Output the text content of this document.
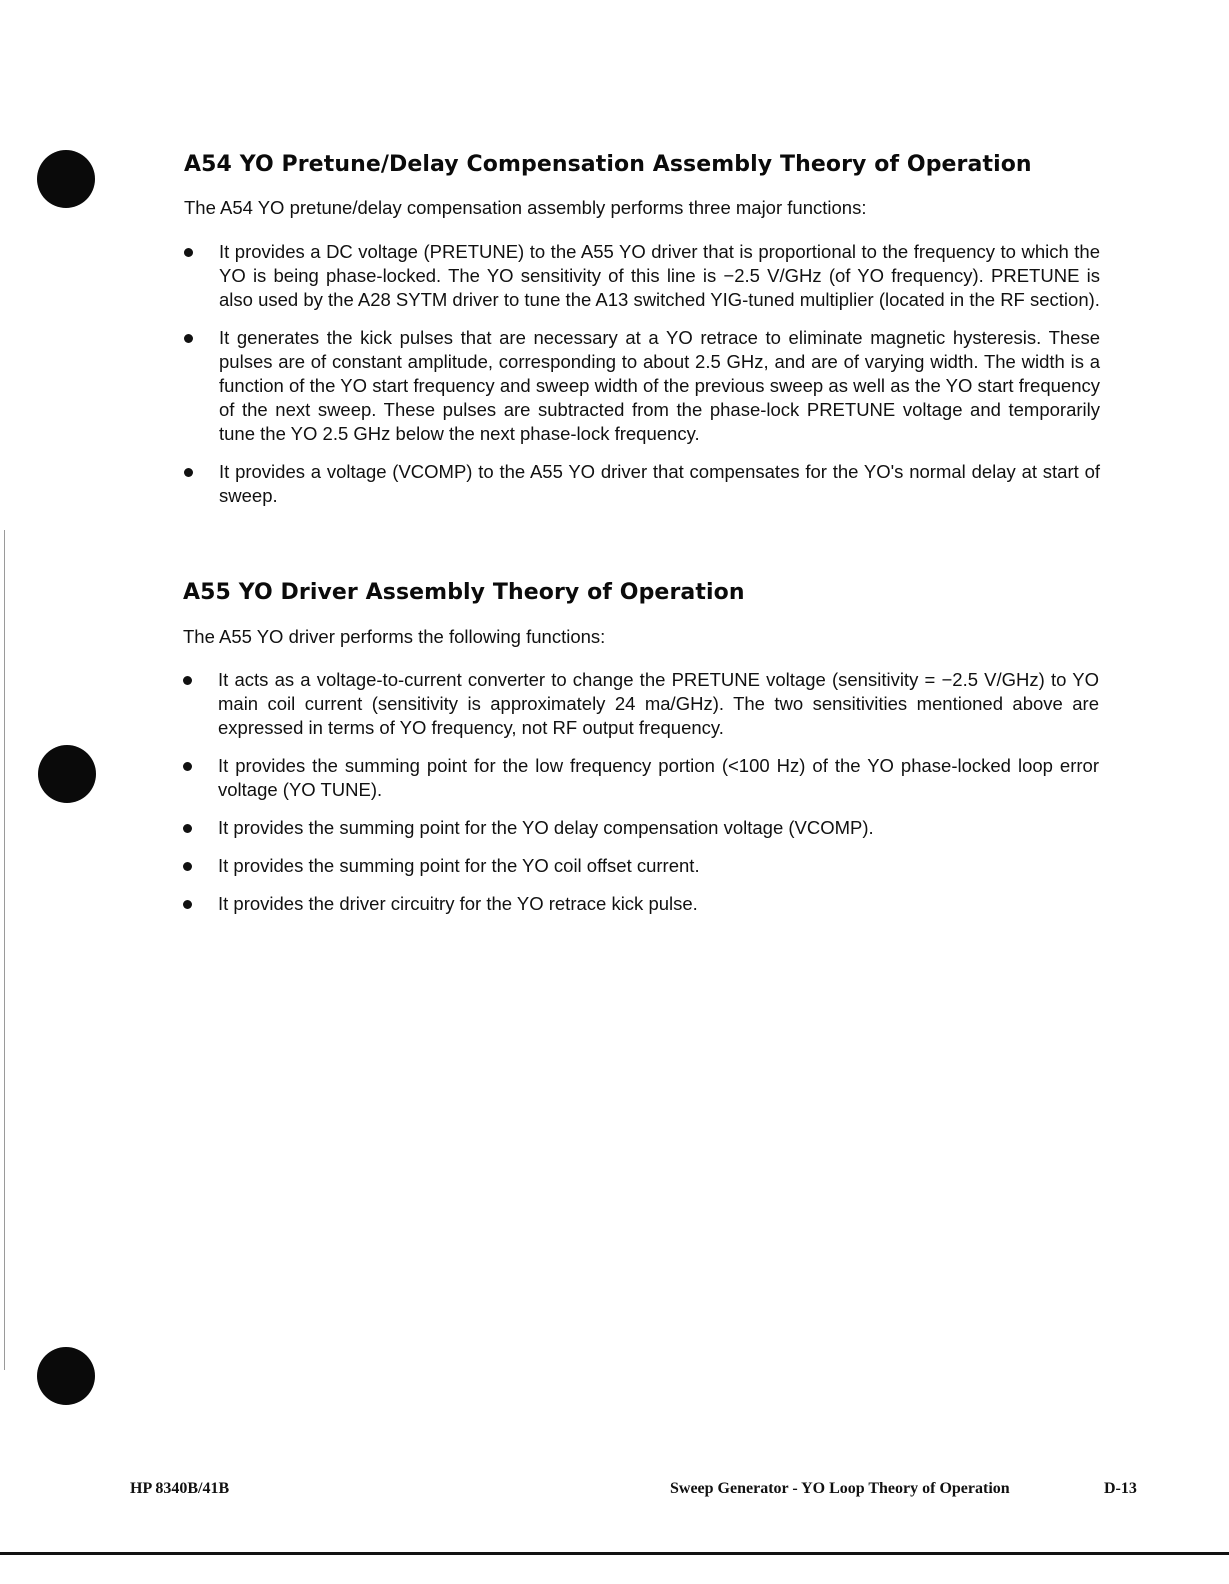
A54 YO Pretune/Delay Compensation Assembly Theory of Operation

The A54 YO pretune/delay compensation assembly performs three major functions:

It provides a DC voltage (PRETUNE) to the A55 YO driver that is proportional to the frequency to which the YO is being phase-locked. The YO sensitivity of this line is −2.5 V/GHz (of YO frequency). PRETUNE is also used by the A28 SYTM driver to tune the A13 switched YIG-tuned multiplier (located in the RF section).
It generates the kick pulses that are necessary at a YO retrace to eliminate magnetic hysteresis. These pulses are of constant amplitude, corresponding to about 2.5 GHz, and are of varying width. The width is a function of the YO start frequency and sweep width of the previous sweep as well as the YO start frequency of the next sweep. These pulses are subtracted from the phase-lock PRETUNE voltage and temporarily tune the YO 2.5 GHz below the next phase-lock frequency.
It provides a voltage (VCOMP) to the A55 YO driver that compensates for the YO's normal delay at start of sweep.
A55 YO Driver Assembly Theory of Operation

The A55 YO driver performs the following functions:

It acts as a voltage-to-current converter to change the PRETUNE voltage (sensitivity = −2.5 V/GHz) to YO main coil current (sensitivity is approximately 24 ma/GHz). The two sensitivities mentioned above are expressed in terms of YO frequency, not RF output frequency.
It provides the summing point for the low frequency portion (<100 Hz) of the YO phase-locked loop error voltage (YO TUNE).
It provides the summing point for the YO delay compensation voltage (VCOMP).
It provides the summing point for the YO coil offset current.
It provides the driver circuitry for the YO retrace kick pulse.
HP 8340B/41B	Sweep Generator - YO Loop Theory of Operation	D-13
